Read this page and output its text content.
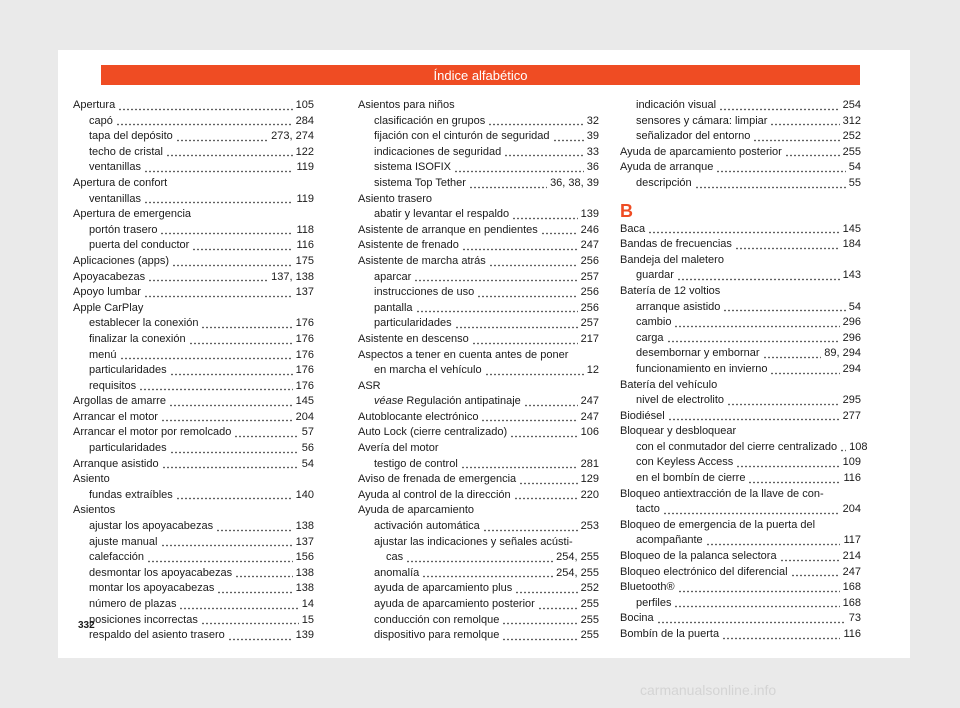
Índice alfabético
Apertura	105
capó	284
tapa del depósito	273, 274
techo de cristal	122
ventanillas	119
Apertura de confort
ventanillas	119
Apertura de emergencia
portón trasero	118
puerta del conductor	116
Aplicaciones (apps)	175
Apoyacabezas	137, 138
Apoyo lumbar	137
Apple CarPlay
establecer la conexión	176
finalizar la conexión	176
menú	176
particularidades	176
requisitos	176
Argollas de amarre	145
Arrancar el motor	204
Arrancar el motor por remolcado	57
particularidades	56
Arranque asistido	54
Asiento
fundas extraíbles	140
Asientos
ajustar los apoyacabezas	138
ajuste manual	137
calefacción	156
desmontar los apoyacabezas	138
montar los apoyacabezas	138
número de plazas	14
posiciones incorrectas	15
respaldo del asiento trasero	139
Asientos para niños
clasificación en grupos	32
fijación con el cinturón de seguridad	39
indicaciones de seguridad	33
sistema ISOFIX	36
sistema Top Tether	36, 38, 39
Asiento trasero
abatir y levantar el respaldo	139
Asistente de arranque en pendientes	246
Asistente de frenado	247
Asistente de marcha atrás	256
aparcar	257
instrucciones de uso	256
pantalla	256
particularidades	257
Asistente en descenso	217
Aspectos a tener en cuenta antes de poner
en marcha el vehículo	12
ASR
véase Regulación antipatinaje	247
Autoblocante electrónico	247
Auto Lock (cierre centralizado)	106
Avería del motor
testigo de control	281
Aviso de frenada de emergencia	129
Ayuda al control de la dirección	220
Ayuda de aparcamiento
activación automática	253
ajustar las indicaciones y señales acústi-
cas	254, 255
anomalía	254, 255
ayuda de aparcamiento plus	252
ayuda de aparcamiento posterior	255
conducción con remolque	255
dispositivo para remolque	255
indicación visual	254
sensores y cámara: limpiar	312
señalizador del entorno	252
Ayuda de aparcamiento posterior	255
Ayuda de arranque	54
descripción	55
B
Baca	145
Bandas de frecuencias	184
Bandeja del maletero
guardar	143
Batería de 12 voltios
arranque asistido	54
cambio	296
carga	296
desembornar y embornar	89, 294
funcionamiento en invierno	294
Batería del vehículo
nivel de electrolito	295
Biodiésel	277
Bloquear y desbloquear
con el conmutador del cierre centralizado 108
con Keyless Access	109
en el bombín de cierre	116
Bloqueo antiextracción de la llave de con-
tacto	204
Bloqueo de emergencia de la puerta del
acompañante	117
Bloqueo de la palanca selectora	214
Bloqueo electrónico del diferencial	247
Bluetooth®	168
perfiles	168
Bocina	73
Bombín de la puerta	116
332
carmanualsonline.info
